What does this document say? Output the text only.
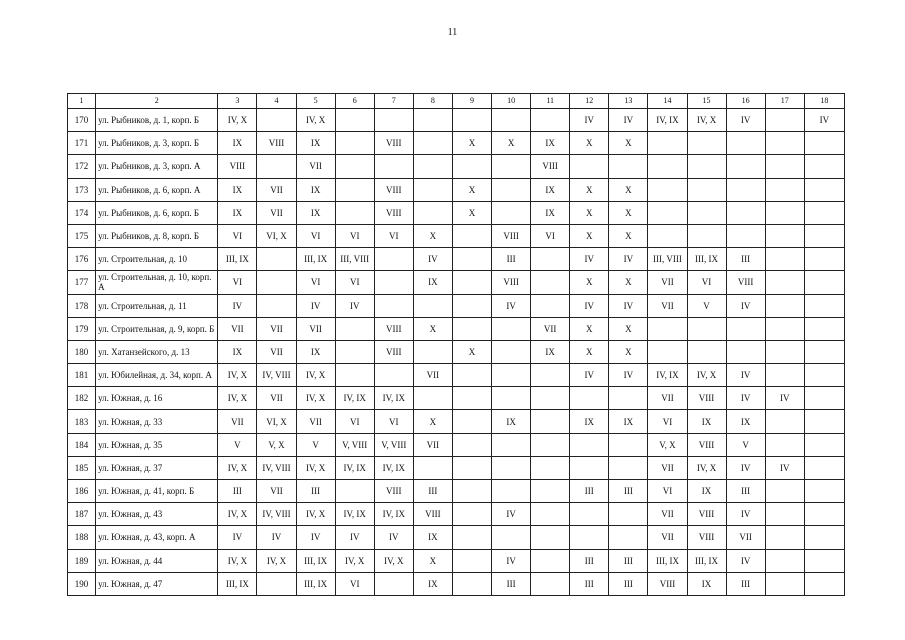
11
1	2	3	4	5	6	7	8	9	10	11	12	13	14	15	16	17	18
170	ул. Рыбников, д. 1, корп. Б	IV, X		IV, X							IV	IV	IV, IX	IV, X	IV		IV
171	ул. Рыбников, д. 3, корп. Б	IX	VIII	IX		VIII		X	X	IX	X	X					
172	ул. Рыбников, д. 3, корп. А	VIII		VII						VIII							
173	ул. Рыбников, д. 6, корп. А	IX	VII	IX		VIII		X		IX	X	X					
174	ул. Рыбников, д. 6, корп. Б	IX	VII	IX		VIII		X		IX	X	X					
175	ул. Рыбников, д. 8, корп. Б	VI	VI, X	VI	VI	VI	X		VIII	VI	X	X					
176	ул. Строительная, д. 10	III, IX		III, IX	III, VIII		IV		III		IV	IV	III, VIII	III, IX	III		
177	ул. Строительная, д. 10, корп. А	VI		VI	VI		IX		VIII		X	X	VII	VI	VIII		
178	ул. Строительная, д. 11	IV		IV	IV				IV		IV	IV	VII	V	IV		
179	ул. Строительная, д. 9, корп. Б	VII	VII	VII		VIII	X			VII	X	X					
180	ул. Хатанзейского, д. 13	IX	VII	IX		VIII		X		IX	X	X					
181	ул. Юбилейная, д. 34, корп. А	IV, X	IV, VIII	IV, X			VII				IV	IV	IV, IX	IV, X	IV		
182	ул. Южная, д. 16	IV, X	VII	IV, X	IV, IX	IV, IX							VII	VIII	IV	IV	
183	ул. Южная, д. 33	VII	VI, X	VII	VI	VI	X		IX		IX	IX	VI	IX	IX		
184	ул. Южная, д. 35	V	V, X	V	V, VIII	V, VIII	VII						V, X	VIII	V		
185	ул. Южная, д. 37	IV, X	IV, VIII	IV, X	IV, IX	IV, IX							VII	IV, X	IV	IV	
186	ул. Южная, д. 41, корп. Б	III	VII	III		VIII	III				III	III	VI	IX	III		
187	ул. Южная, д. 43	IV, X	IV, VIII	IV, X	IV, IX	IV, IX	VIII		IV				VII	VIII	IV		
188	ул. Южная, д. 43, корп. А	IV	IV	IV	IV	IV	IX						VII	VIII	VII		
189	ул. Южная, д. 44	IV, X	IV, X	III, IX	IV, X	IV, X	X		IV		III	III	III, IX	III, IX	IV		
190	ул. Южная, д. 47	III, IX		III, IX	VI		IX		III		III	III	VIII	IX	III		
